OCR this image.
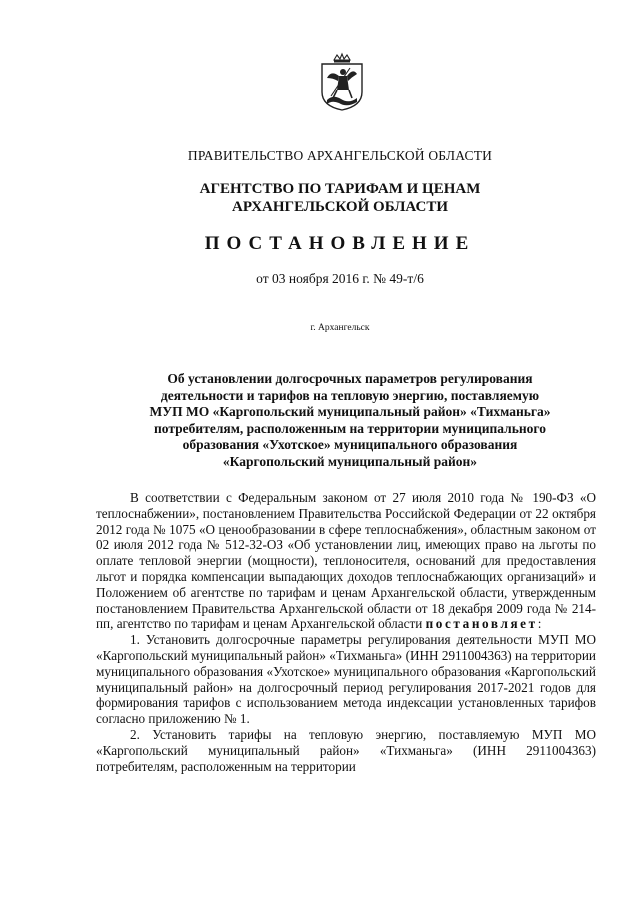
ПРАВИТЕЛЬСТВО АРХАНГЕЛЬСКОЙ ОБЛАСТИ
АГЕНТСТВО ПО ТАРИФАМ И ЦЕНАМ
АРХАНГЕЛЬСКОЙ ОБЛАСТИ
ПОСТАНОВЛЕНИЕ
от 03 ноября 2016 г. № 49-т/6
г. Архангельск
Об установлении долгосрочных параметров регулирования
деятельности и тарифов на тепловую энергию, поставляемую
МУП МО «Каргопольский муниципальный район» «Тихманьга»
потребителям, расположенным на территории муниципального
образования «Ухотское» муниципального образования
«Каргопольский муниципальный район»

В соответствии с Федеральным законом от 27 июля 2010 года № 190-ФЗ «О теплоснабжении», постановлением Правительства Российской Федерации от 22 октября 2012 года № 1075 «О ценообразовании в сфере теплоснабжения», областным законом от 02 июля 2012 года № 512-32-ОЗ «Об установлении лиц, имеющих право на льготы по оплате тепловой энергии (мощности), теплоносителя, оснований для предоставления льгот и порядка компенсации выпадающих доходов теплоснабжающих организаций» и Положением об агентстве по тарифам и ценам Архангельской области, утвержденным постановлением Правительства Архангельской области от 18 декабря 2009 года № 214-пп, агентство по тарифам и ценам Архангельской области постановляет:

1. Установить долгосрочные параметры регулирования деятельности МУП МО «Каргопольский муниципальный район» «Тихманьга» (ИНН 2911004363) на территории муниципального образования «Ухотское» муниципального образования «Каргопольский муниципальный район» на долгосрочный период регулирования 2017-2021 годов для формирования тарифов с использованием метода индексации установленных тарифов согласно приложению № 1.

2. Установить тарифы на тепловую энергию, поставляемую МУП МО «Каргопольский муниципальный район» «Тихманьга» (ИНН 2911004363) потребителям, расположенным на территории
